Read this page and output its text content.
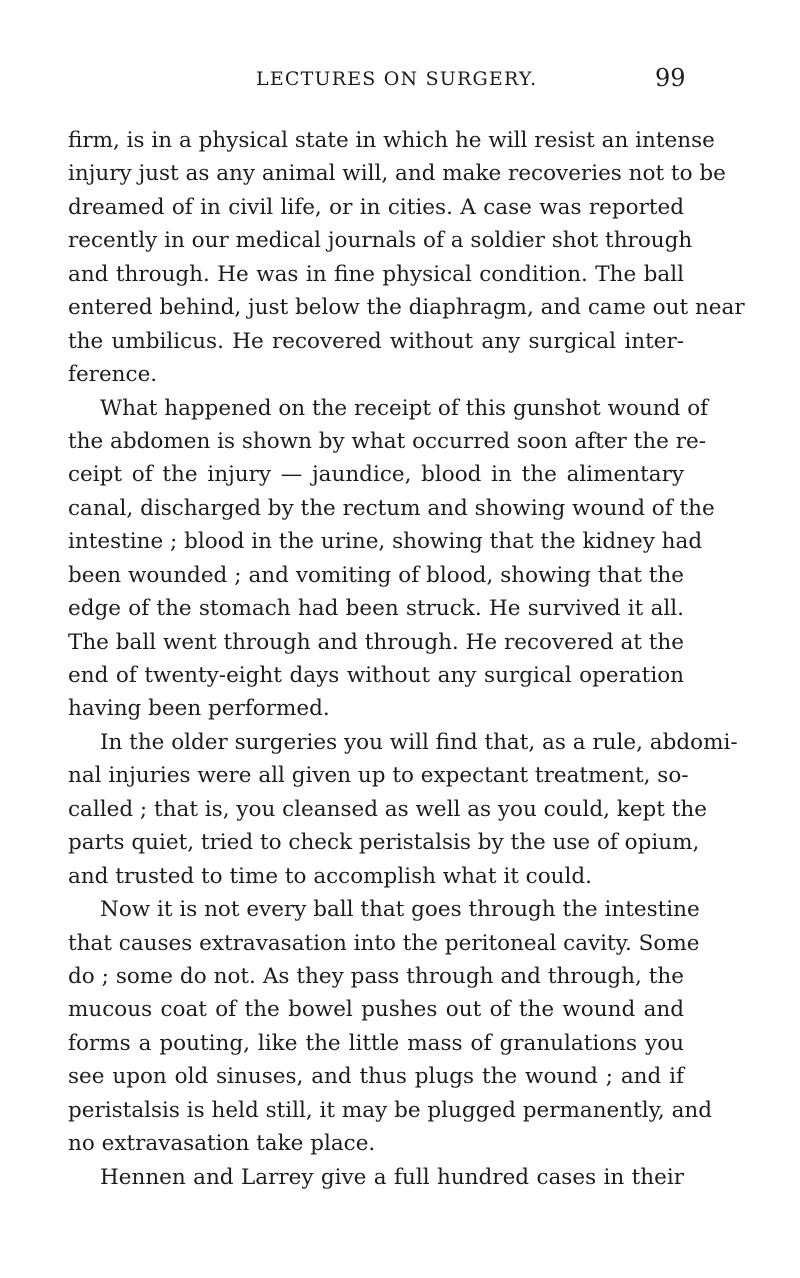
LECTURES ON SURGERY.	99
firm, is in a physical state in which he will resist an intense
injury just as any animal will, and make recoveries not to be
dreamed of in civil life, or in cities. A case was reported
recently in our medical journals of a soldier shot through
and through. He was in fine physical condition. The ball
entered behind, just below the diaphragm, and came out near
the umbilicus. He recovered without any surgical inter-
ference.
What happened on the receipt of this gunshot wound of
the abdomen is shown by what occurred soon after the re-
ceipt of the injury — jaundice, blood in the alimentary
canal, discharged by the rectum and showing wound of the
intestine ; blood in the urine, showing that the kidney had
been wounded ; and vomiting of blood, showing that the
edge of the stomach had been struck. He survived it all.
The ball went through and through. He recovered at the
end of twenty-eight days without any surgical operation
having been performed.
In the older surgeries you will find that, as a rule, abdomi-
nal injuries were all given up to expectant treatment, so-
called ; that is, you cleansed as well as you could, kept the
parts quiet, tried to check peristalsis by the use of opium,
and trusted to time to accomplish what it could.
Now it is not every ball that goes through the intestine
that causes extravasation into the peritoneal cavity. Some
do ; some do not. As they pass through and through, the
mucous coat of the bowel pushes out of the wound and
forms a pouting, like the little mass of granulations you
see upon old sinuses, and thus plugs the wound ; and if
peristalsis is held still, it may be plugged permanently, and
no extravasation take place.
Hennen and Larrey give a full hundred cases in their
